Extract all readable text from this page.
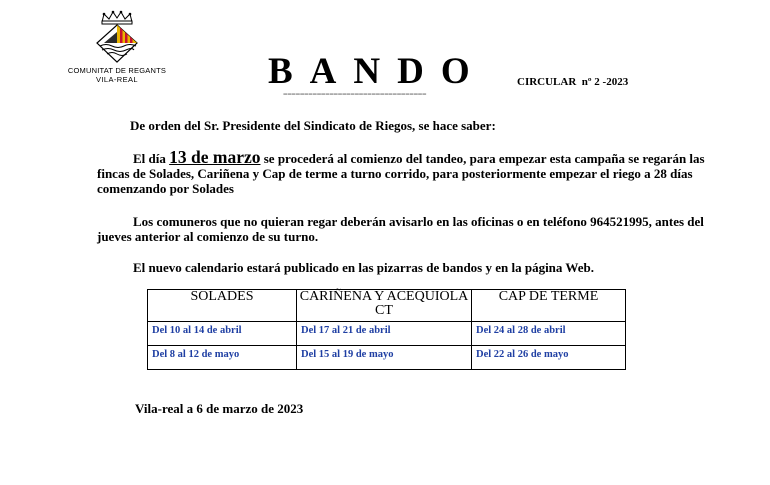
COMUNITAT DE REGANTS
VILA-REAL	BANDO
==================================
CIRCULAR  nº 2 -2023
De orden del Sr. Presidente del Sindicato de Riegos, se hace saber:
El día 13 de marzo se procederá al comienzo del tandeo, para empezar esta campaña se regarán las fincas de Solades, Cariñena y Cap de terme a turno corrido, para posteriormente empezar el riego a 28 días comenzando por Solades
Los comuneros que no quieran regar deberán avisarlo en las oficinas o en teléfono 964521995, antes del jueves anterior al comienzo de su turno.
El nuevo calendario estará publicado en las pizarras de bandos y en la página Web.
SOLADES	CARIÑENA Y ACEQUIOLA CT	CAP DE TERME
Del 10 al 14 de abril	Del 17 al 21 de abril	Del 24 al 28 de abril
Del 8 al 12 de mayo	Del 15 al 19 de mayo	Del 22 al 26 de mayo
Vila-real a 6 de marzo de 2023
